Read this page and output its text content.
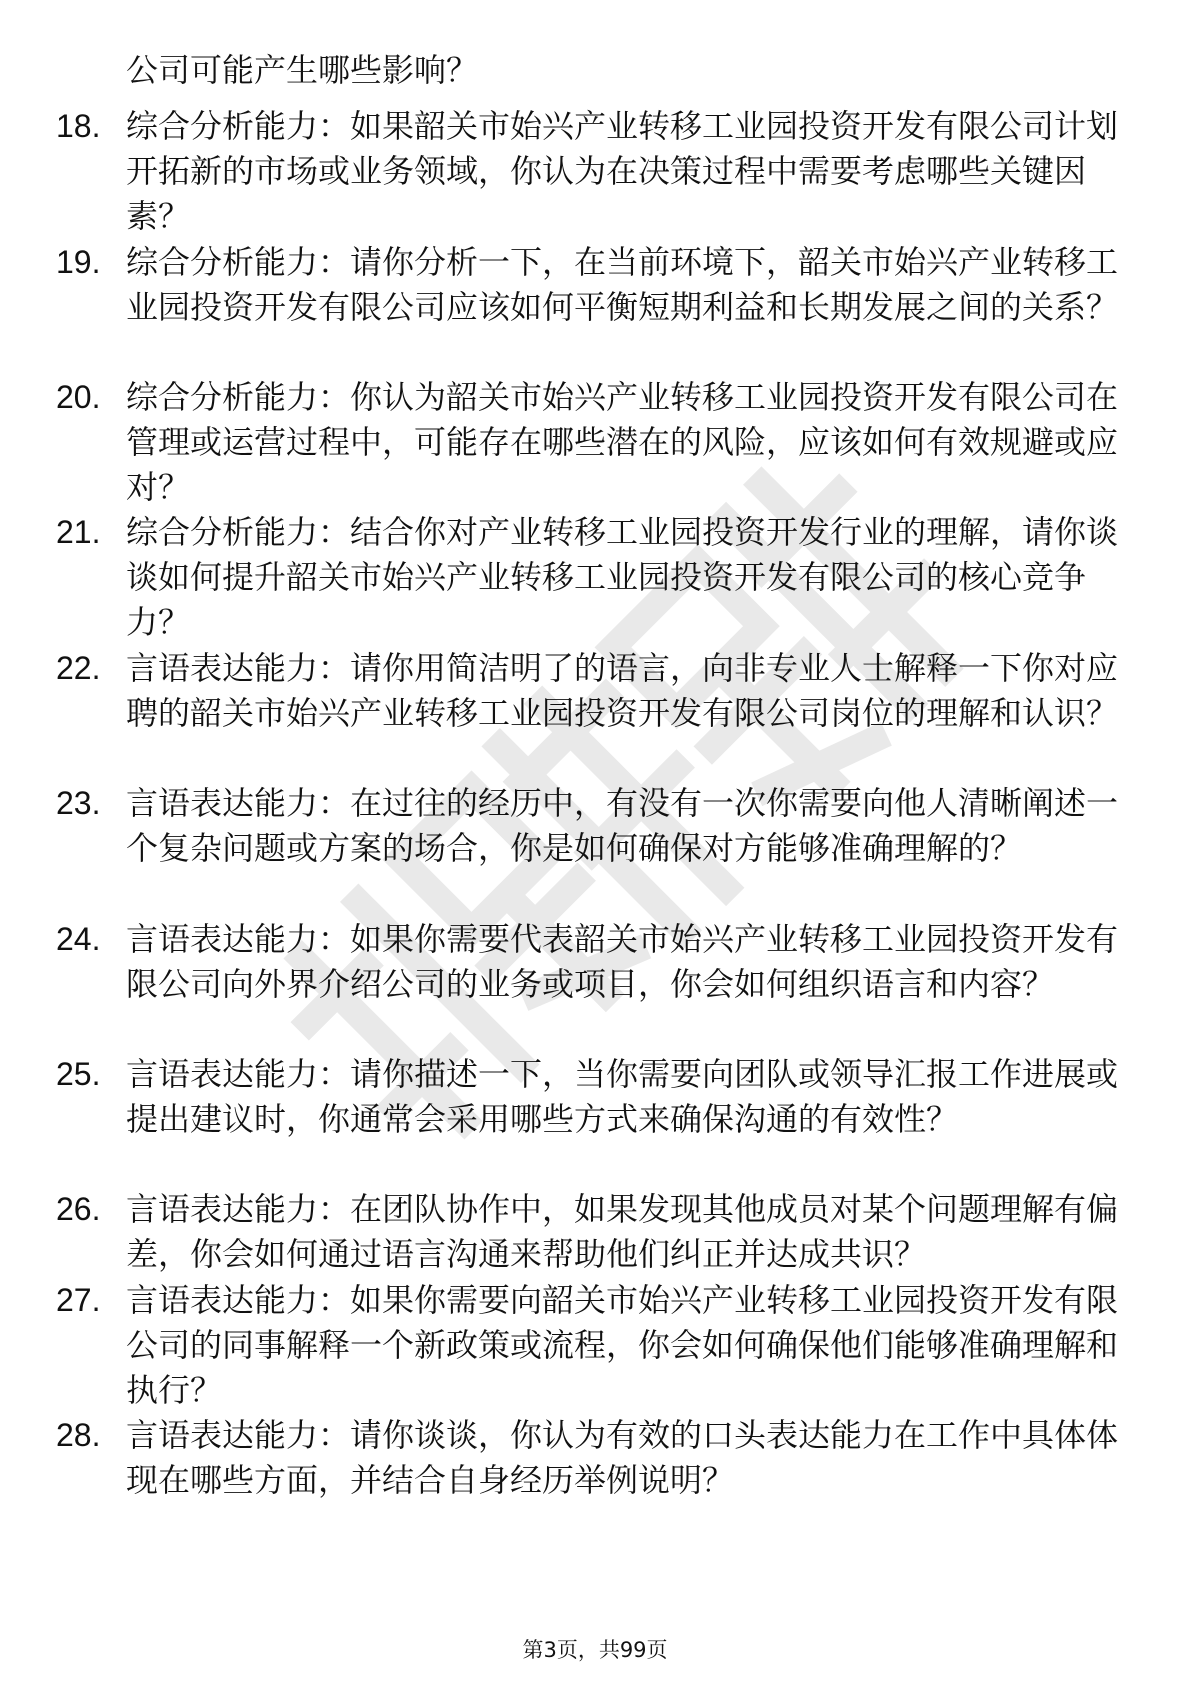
公司可能产生哪些影响？
18. 综合分析能力：如果韶关市始兴产业转移工业园投资开发有限公司计划开拓新的市场或业务领域，你认为在决策过程中需要考虑哪些关键因素？
19. 综合分析能力：请你分析一下，在当前环境下，韶关市始兴产业转移工业园投资开发有限公司应该如何平衡短期利益和长期发展之间的关系？
20. 综合分析能力：你认为韶关市始兴产业转移工业园投资开发有限公司在管理或运营过程中，可能存在哪些潜在的风险，应该如何有效规避或应对？
21. 综合分析能力：结合你对产业转移工业园投资开发行业的理解，请你谈谈如何提升韶关市始兴产业转移工业园投资开发有限公司的核心竞争力？
22. 言语表达能力：请你用简洁明了的语言，向非专业人士解释一下你对应聘的韶关市始兴产业转移工业园投资开发有限公司岗位的理解和认识？
23. 言语表达能力：在过往的经历中，有没有一次你需要向他人清晰阐述一个复杂问题或方案的场合，你是如何确保对方能够准确理解的？
24. 言语表达能力：如果你需要代表韶关市始兴产业转移工业园投资开发有限公司向外界介绍公司的业务或项目，你会如何组织语言和内容？
25. 言语表达能力：请你描述一下，当你需要向团队或领导汇报工作进展或提出建议时，你通常会采用哪些方式来确保沟通的有效性？
26. 言语表达能力：在团队协作中，如果发现其他成员对某个问题理解有偏差，你会如何通过语言沟通来帮助他们纠正并达成共识？
27. 言语表达能力：如果你需要向韶关市始兴产业转移工业园投资开发有限公司的同事解释一个新政策或流程，你会如何确保他们能够准确理解和执行？
28. 言语表达能力：请你谈谈，你认为有效的口头表达能力在工作中具体体现在哪些方面，并结合自身经历举例说明？
第3页，共99页
